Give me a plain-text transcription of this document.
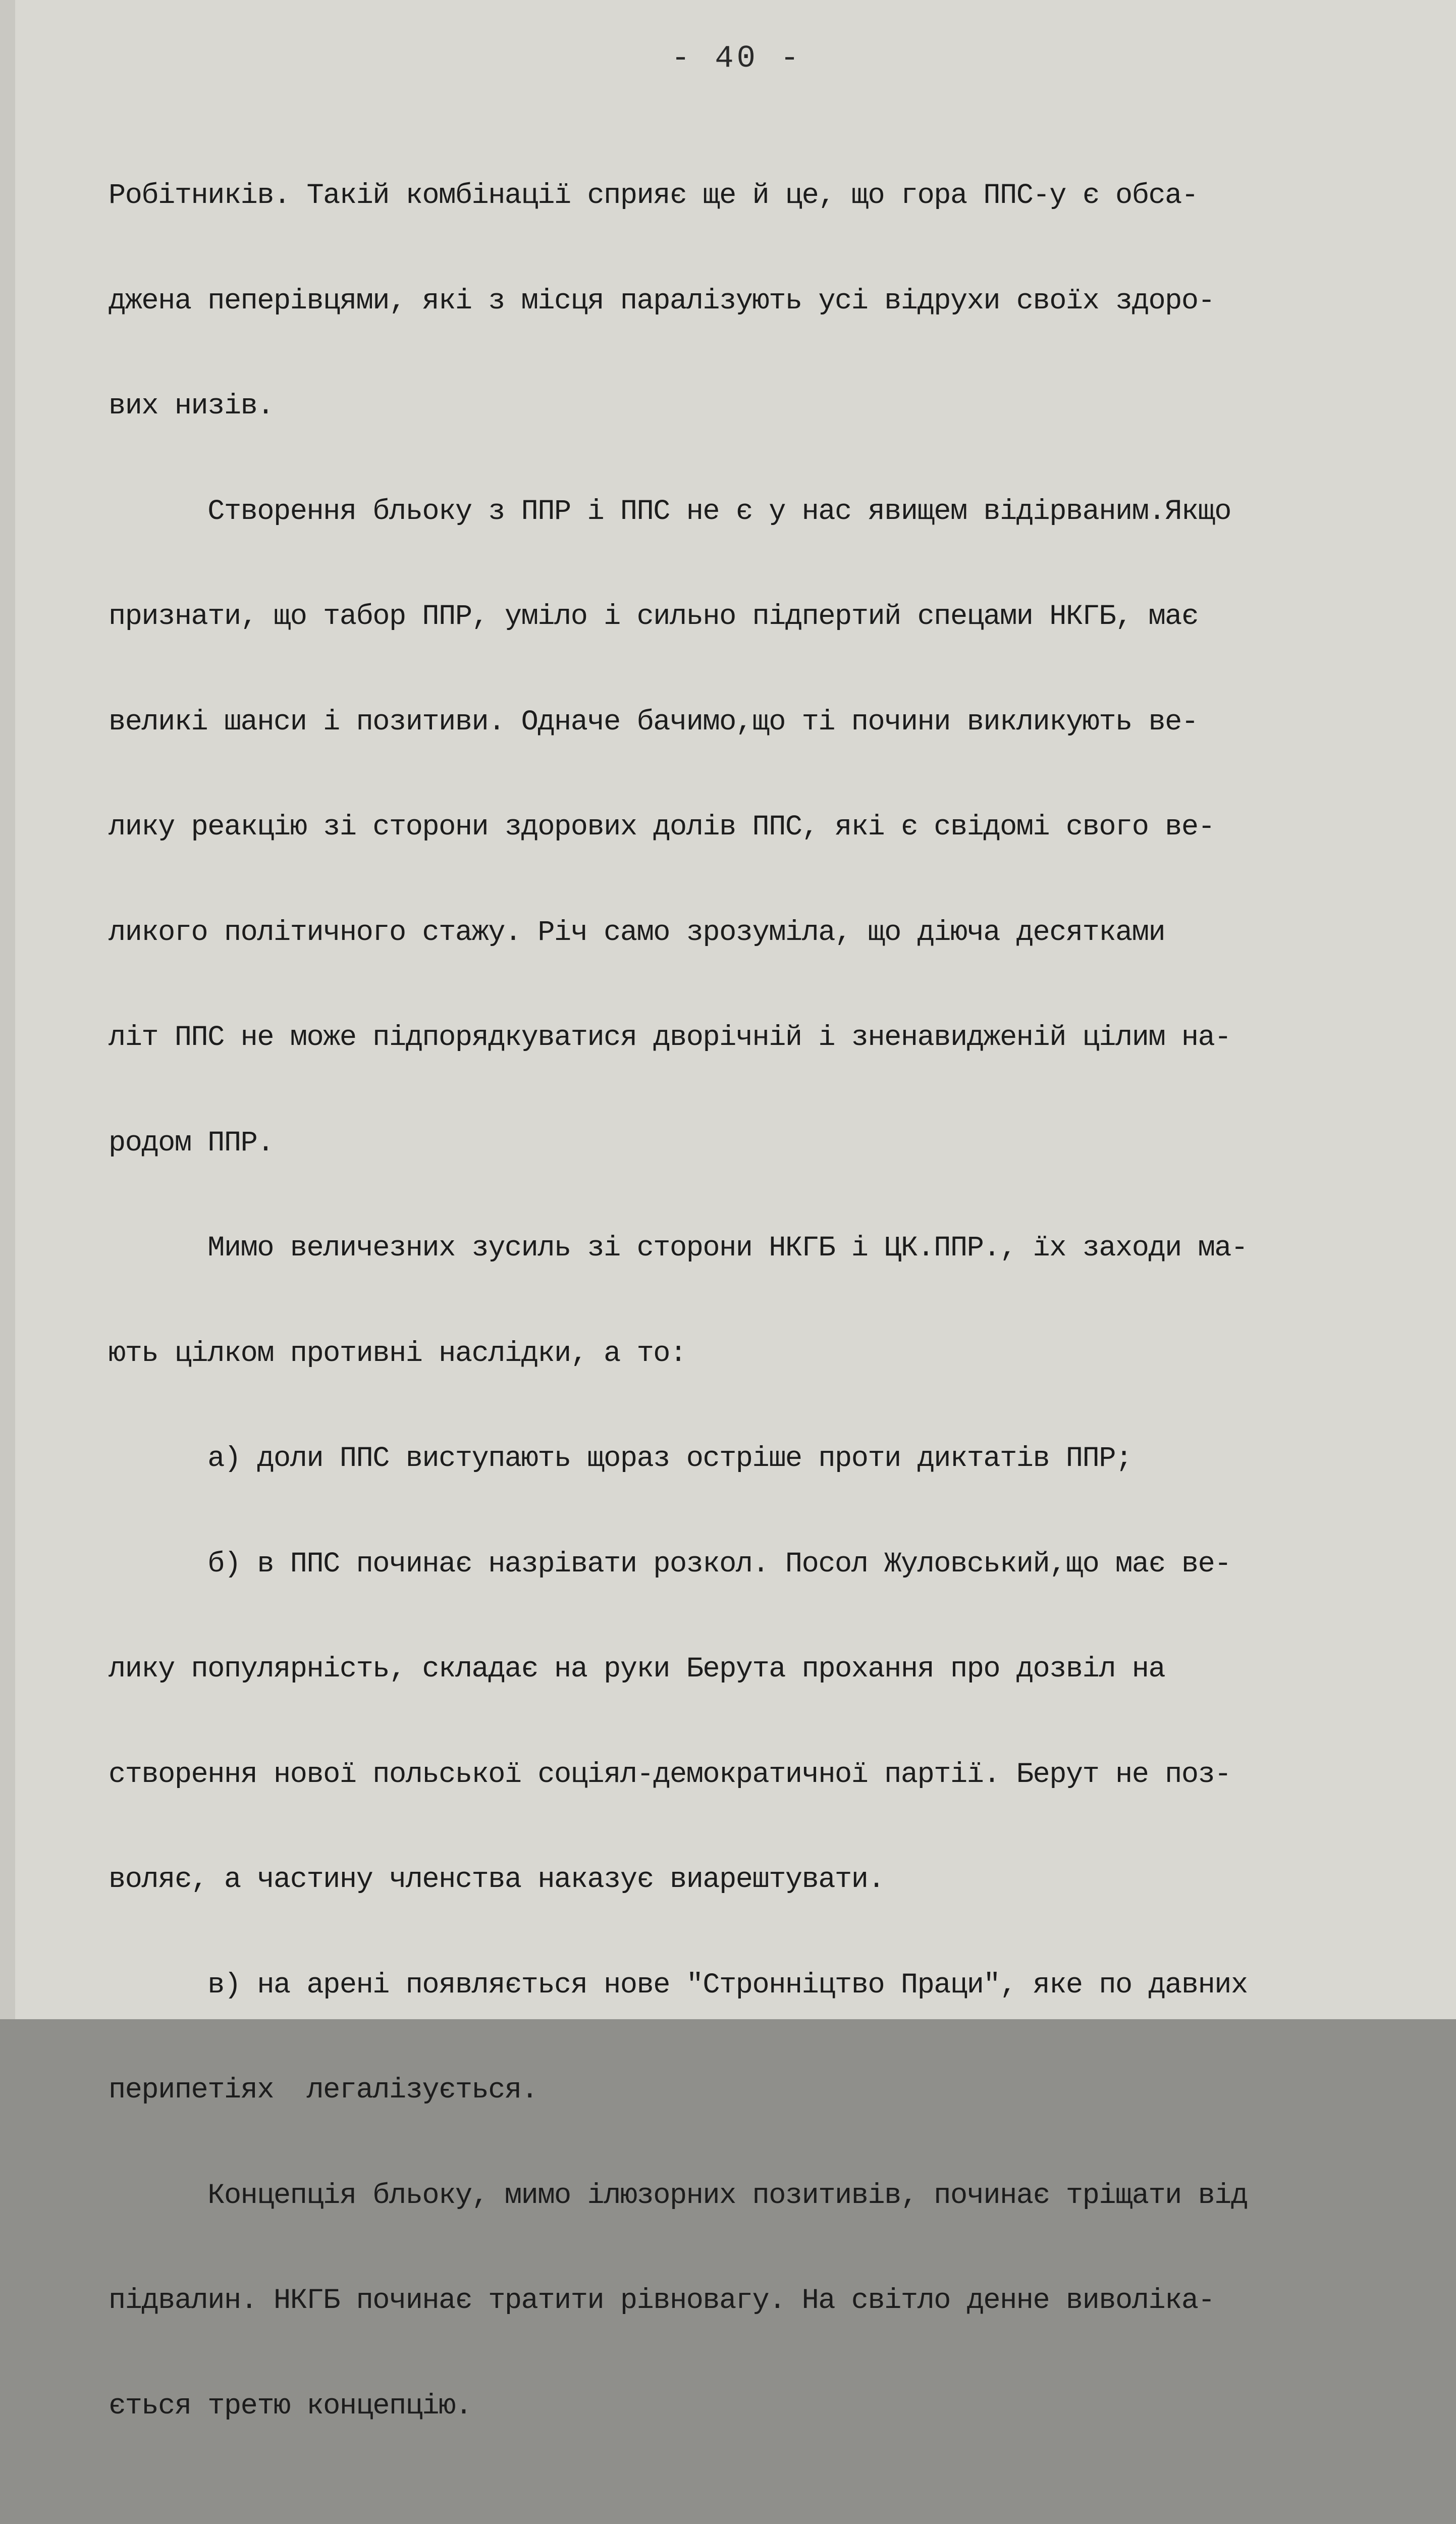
- 40 -

Робітників. Такій комбінації сприяє ще й це, що гора ППС-у є обса-

джена пеперівцями, які з місця паралізують усі відрухи своїх здоро-

вих низів.

Створення бльоку з ППР і ППС не є у нас явищем відірваним.Якщо

признати, що табор ППР, уміло і сильно підпертий спецами НКГБ, має

великі шанси і позитиви. Одначе бачимо,що ті почини викликують ве-

лику реакцію зі сторони здорових долів ППС, які є свідомі свого ве-

ликого політичного стажу. Річ само зрозуміла, що діюча десятками

літ ППС не може підпорядкуватися дворічній і зненавидженій цілим на-

родом ППР.

Мимо величезних зусиль зі сторони НКГБ і ЦК.ППР., їх заходи ма-

ють цілком противні наслідки, а то:

а) доли ППС виступають щораз остріше проти диктатів ППР;

б) в ППС починає назрівати розкол. Посол Жуловський,що має ве-

лику популярність, складає на руки Берута прохання про дозвіл на

створення нової польської соціял-демократичної партії. Берут не поз-

воляє, а частину членства наказує виарештувати.

в) на арені появляється нове "Стронніцтво Праци", яке по давних

перипетіях  легалізується.

Концепція бльоку, мимо ілюзорних позитивів, починає тріщати від

підвалин. НКГБ починає тратити рівновагу. На світло денне виволіка-

ється третю концепцію.
